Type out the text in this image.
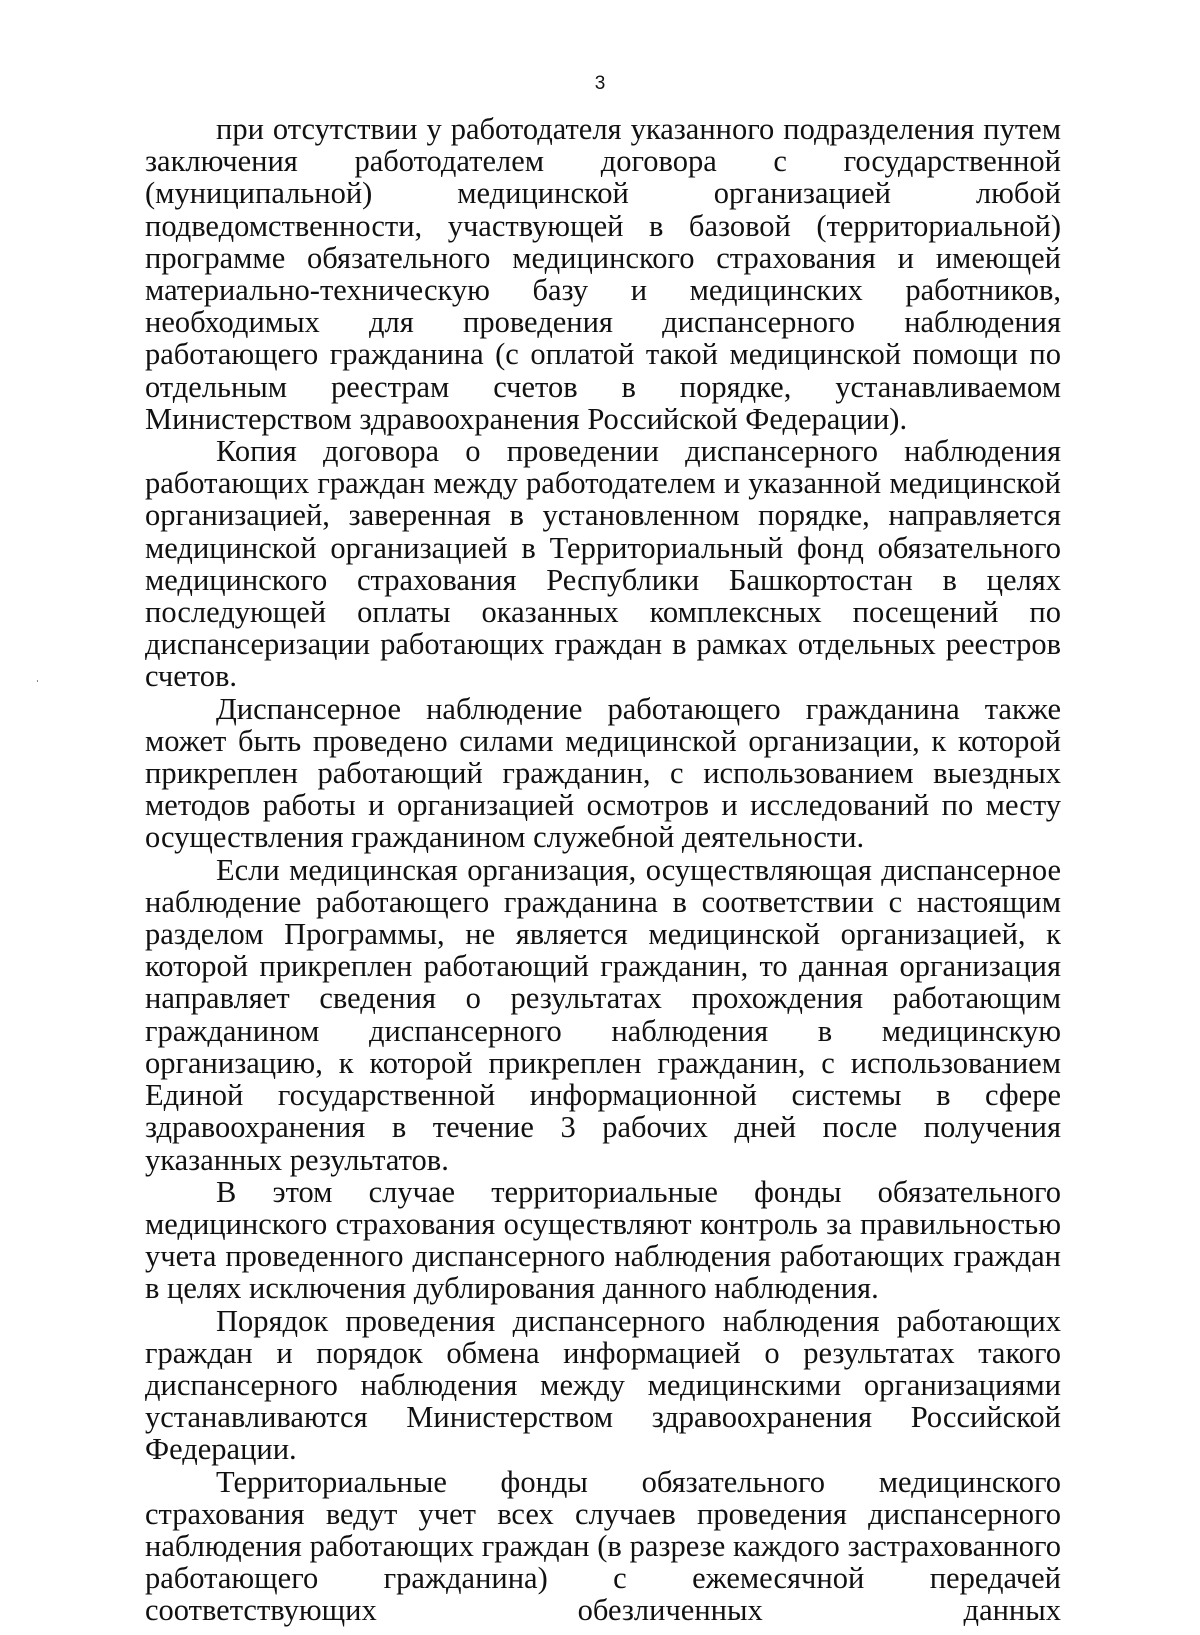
3

при отсутствии у работодателя указанного подразделения путем заключения работодателем договора с государственной (муниципальной) медицинской организацией любой подведомственности, участвующей в базовой (территориальной) программе обязательного медицинского страхования и имеющей материально-техническую базу и медицинских работников, необходимых для проведения диспансерного наблюдения работающего гражданина (с оплатой такой медицинской помощи по отдельным реестрам счетов в порядке, устанавливаемом Министерством здравоохранения Российской Федерации).

Копия договора о проведении диспансерного наблюдения работающих граждан между работодателем и указанной медицинской организацией, заверенная в установленном порядке, направляется медицинской организацией в Территориальный фонд обязательного медицинского страхования Республики Башкортостан в целях последующей оплаты оказанных комплексных посещений по диспансеризации работающих граждан в рамках отдельных реестров счетов.

Диспансерное наблюдение работающего гражданина также может быть проведено силами медицинской организации, к которой прикреплен работающий гражданин, с использованием выездных методов работы и организацией осмотров и исследований по месту осуществления гражданином служебной деятельности.

Если медицинская организация, осуществляющая диспансерное наблюдение работающего гражданина в соответствии с настоящим разделом Программы, не является медицинской организацией, к которой прикреплен работающий гражданин, то данная организация направляет сведения о результатах прохождения работающим гражданином диспансерного наблюдения в медицинскую организацию, к которой прикреплен гражданин, с использованием Единой государственной информационной системы в сфере здравоохранения в течение 3 рабочих дней после получения указанных результатов.

В этом случае территориальные фонды обязательного медицинского страхования осуществляют контроль за правильностью учета проведенного диспансерного наблюдения работающих граждан в целях исключения дублирования данного наблюдения.

Порядок проведения диспансерного наблюдения работающих граждан и порядок обмена информацией о результатах такого диспансерного наблюдения между медицинскими организациями устанавливаются Министерством здравоохранения Российской Федерации.

Территориальные фонды обязательного медицинского страхования ведут учет всех случаев проведения диспансерного наблюдения работающих граждан (в разрезе каждого застрахованного работающего гражданина) с ежемесячной передачей соответствующих обезличенных данных
